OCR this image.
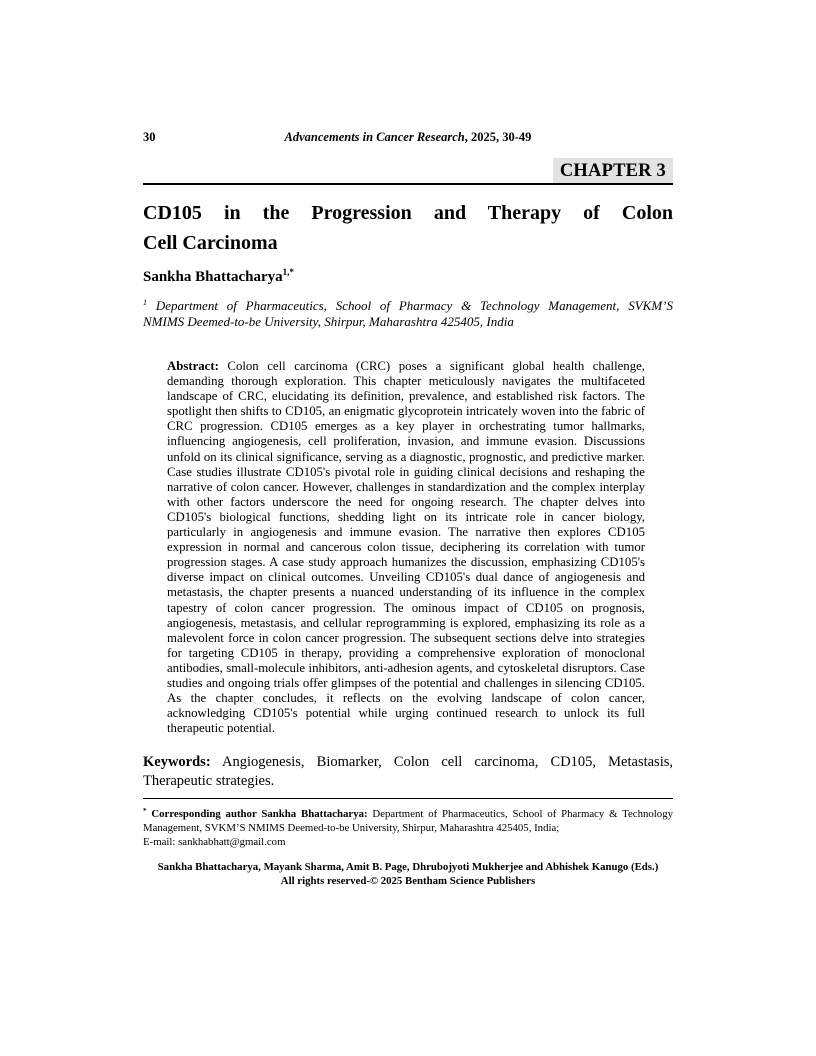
30	Advancements in Cancer Research, 2025, 30-49
CHAPTER 3
CD105 in the Progression and Therapy of Colon
Cell Carcinoma
Sankha Bhattacharya$^{1,*}$
$^1$ Department of Pharmaceutics, School of Pharmacy & Technology Management, SVKM’S
NMIMS Deemed-to-be University, Shirpur, Maharashtra 425405, India

Abstract: Colon cell carcinoma (CRC) poses a significant global health challenge, demanding thorough exploration. This chapter meticulously navigates the multifaceted landscape of CRC, elucidating its definition, prevalence, and established risk factors. The spotlight then shifts to CD105, an enigmatic glycoprotein intricately woven into the fabric of CRC progression. CD105 emerges as a key player in orchestrating tumor hallmarks, influencing angiogenesis, cell proliferation, invasion, and immune evasion. Discussions unfold on its clinical significance, serving as a diagnostic, prognostic, and predictive marker. Case studies illustrate CD105's pivotal role in guiding clinical decisions and reshaping the narrative of colon cancer. However, challenges in standardization and the complex interplay with other factors underscore the need for ongoing research. The chapter delves into CD105's biological functions, shedding light on its intricate role in cancer biology, particularly in angiogenesis and immune evasion. The narrative then explores CD105 expression in normal and cancerous colon tissue, deciphering its correlation with tumor progression stages. A case study approach humanizes the discussion, emphasizing CD105's diverse impact on clinical outcomes. Unveiling CD105's dual dance of angiogenesis and metastasis, the chapter presents a nuanced understanding of its influence in the complex tapestry of colon cancer progression. The ominous impact of CD105 on prognosis, angiogenesis, metastasis, and cellular reprogramming is explored, emphasizing its role as a malevolent force in colon cancer progression. The subsequent sections delve into strategies for targeting CD105 in therapy, providing a comprehensive exploration of monoclonal antibodies, small-molecule inhibitors, anti-adhesion agents, and cytoskeletal disruptors. Case studies and ongoing trials offer glimpses of the potential and challenges in silencing CD105. As the chapter concludes, it reflects on the evolving landscape of colon cancer, acknowledging CD105's potential while urging continued research to unlock its full therapeutic potential.

Keywords: Angiogenesis, Biomarker, Colon cell carcinoma, CD105, Metastasis, Therapeutic strategies.

* Corresponding author Sankha Bhattacharya: Department of Pharmaceutics, School of Pharmacy & Technology Management, SVKM’S NMIMS Deemed-to-be University, Shirpur, Maharashtra 425405, India;
E-mail: sankhabhatt@gmail.com
Sankha Bhattacharya, Mayank Sharma, Amit B. Page, Dhrubojyoti Mukherjee and Abhishek Kanugo (Eds.)
All rights reserved-© 2025 Bentham Science Publishers
